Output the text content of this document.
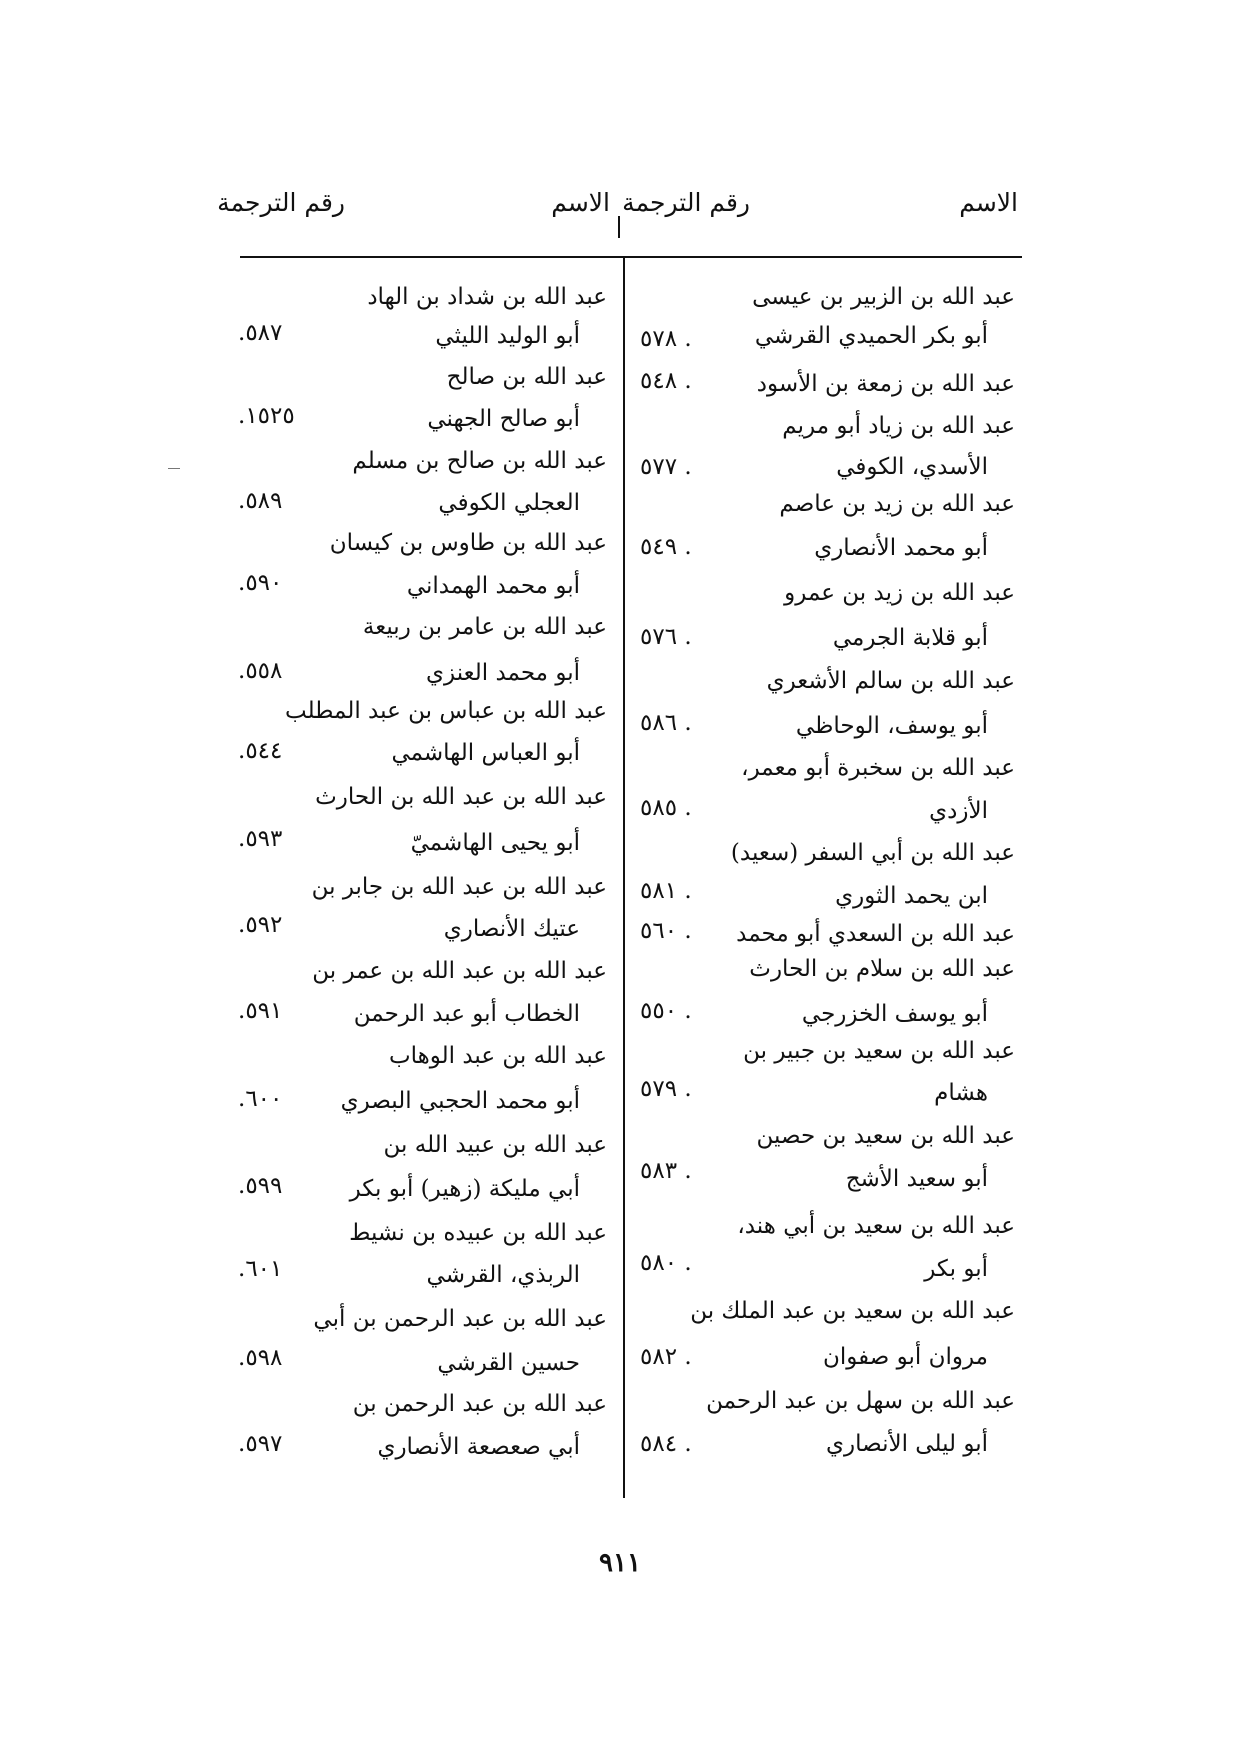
الاسم
رقم الترجمة
الاسم
رقم الترجمة
عبد الله بن الزبير بن عيسى
أبو بكر الحميدي القرشي
عبد الله بن زمعة بن الأسود
عبد الله بن زياد أبو مريم
الأسدي، الكوفي
عبد الله بن زيد بن عاصم
أبو محمد الأنصاري
عبد الله بن زيد بن عمرو
أبو قلابة الجرمي
عبد الله بن سالم الأشعري
أبو يوسف، الوحاظي
عبد الله بن سخبرة أبو معمر،
الأزدي
عبد الله بن أبي السفر (سعيد)
ابن يحمد الثوري
عبد الله بن السعدي أبو محمد
عبد الله بن سلام بن الحارث
أبو يوسف الخزرجي
عبد الله بن سعيد بن جبير بن
هشام
عبد الله بن سعيد بن حصين
أبو سعيد الأشج
عبد الله بن سعيد بن أبي هند،
أبو بكر
عبد الله بن سعيد بن عبد الملك بن
مروان أبو صفوان
عبد الله بن سهل بن عبد الرحمن
أبو ليلى الأنصاري
٥٧٨ .
٥٤٨ .
٥٧٧ .
٥٤٩ .
٥٧٦ .
٥٨٦ .
٥٨٥ .
٥٨١ .
٥٦٠ .
٥٥٠ .
٥٧٩ .
٥٨٣ .
٥٨٠ .
٥٨٢ .
٥٨٤ .
عبد الله بن شداد بن الهاد
أبو الوليد الليثي
عبد الله بن صالح
أبو صالح الجهني
عبد الله بن صالح بن مسلم
العجلي الكوفي
عبد الله بن طاوس بن كيسان
أبو محمد الهمداني
عبد الله بن عامر بن ربيعة
أبو محمد العنزي
عبد الله بن عباس بن عبد المطلب
أبو العباس الهاشمي
عبد الله بن عبد الله بن الحارث
أبو يحيى الهاشميّ
عبد الله بن عبد الله بن جابر بن
عتيك الأنصاري
عبد الله بن عبد الله بن عمر بن
الخطاب أبو عبد الرحمن
عبد الله بن عبد الوهاب
أبو محمد الحجبي البصري
عبد الله بن عبيد الله بن
أبي مليكة (زهير) أبو بكر
عبد الله بن عبيده بن نشيط
الربذي، القرشي
عبد الله بن عبد الرحمن بن أبي
حسين القرشي
عبد الله بن عبد الرحمن بن
أبي صعصعة الأنصاري
.٥٨٧
.١٥٢٥
.٥٨٩
.٥٩٠
.٥٥٨
.٥٤٤
.٥٩٣
.٥٩٢
.٥٩١
.٦٠٠
.٥٩٩
.٦٠١
.٥٩٨
.٥٩٧
٩١١
